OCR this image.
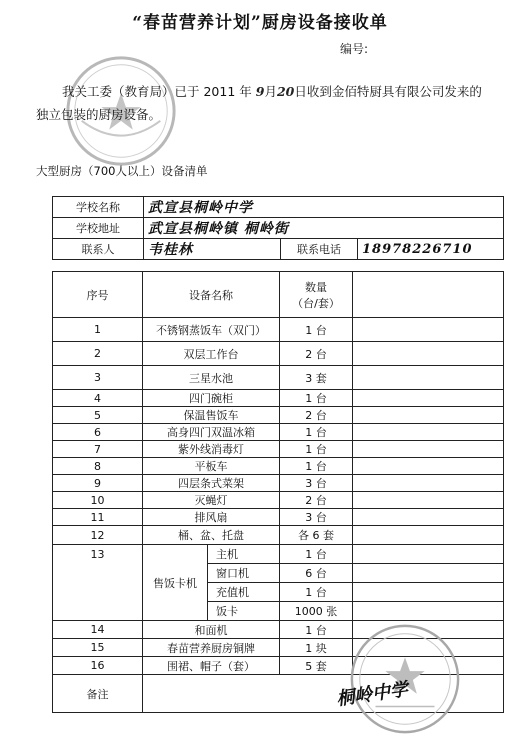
“春苗营养计划”厨房设备接收单
编号:
我关工委（教育局）已于 2011 年 9月20日收到金佰特厨具有限公司发来的
独立包装的厨房设备。
大型厨房（700人以上）设备清单
学校名称	武宣县桐岭中学		
学校地址	武宣县桐岭镇 桐岭街		
联系人	韦桂林	联系电话	18978226710
序号	设备名称		数量
（台/套）	

1	不锈钢蒸饭车（双门）		1 台	
2	双层工作台		2 台	
3	三星水池		3 套	
4	四门碗柜		1 台	
5	保温售饭车		2 台	
6	高身四门双温冰箱		1 台	
7	紫外线消毒灯		1 台	
8	平板车		1 台	
9	四层条式菜架		3 台	
10	灭蝇灯		2 台	
11	排风扇		3 台	
12	桶、盆、托盘		各 6 套	
13	售饭卡机	主机	1 台	
		窗口机	6 台	
		充值机	1 台	
		饭卡	1000 张	
14	和面机		1 台	
15	春苗营养厨房铜牌		1 块	
16	围裙、帽子（套）		5 套	
备注					桐岭中学
